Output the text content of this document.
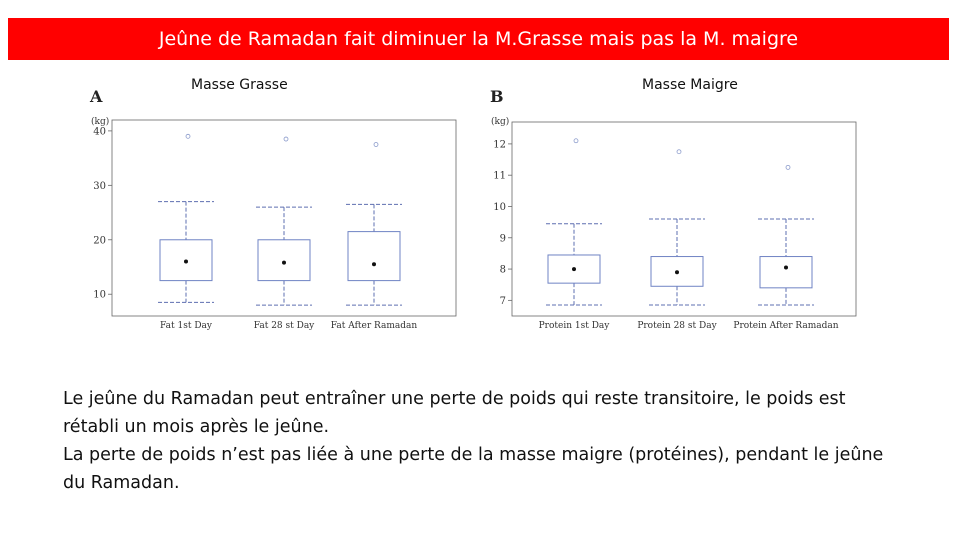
Jeûne de Ramadan fait diminuer la M.Grasse mais pas la M. maigre
Masse Grasse	Masse Maigre
A
(kg)
10
20
30
40
Fat 1st Day	Fat 28 st Day Fat After Ramadan
B
(kg)
7
8
9
10
11
12
Protein 1st Day	Protein 28 st Day Protein After Ramadan

Le jeûne du Ramadan peut entraîner une perte de poids qui reste transitoire, le poids est rétabli un mois après le jeûne.

La perte de poids n’est pas liée à une perte de la masse maigre (protéines), pendant le jeûne du Ramadan.
